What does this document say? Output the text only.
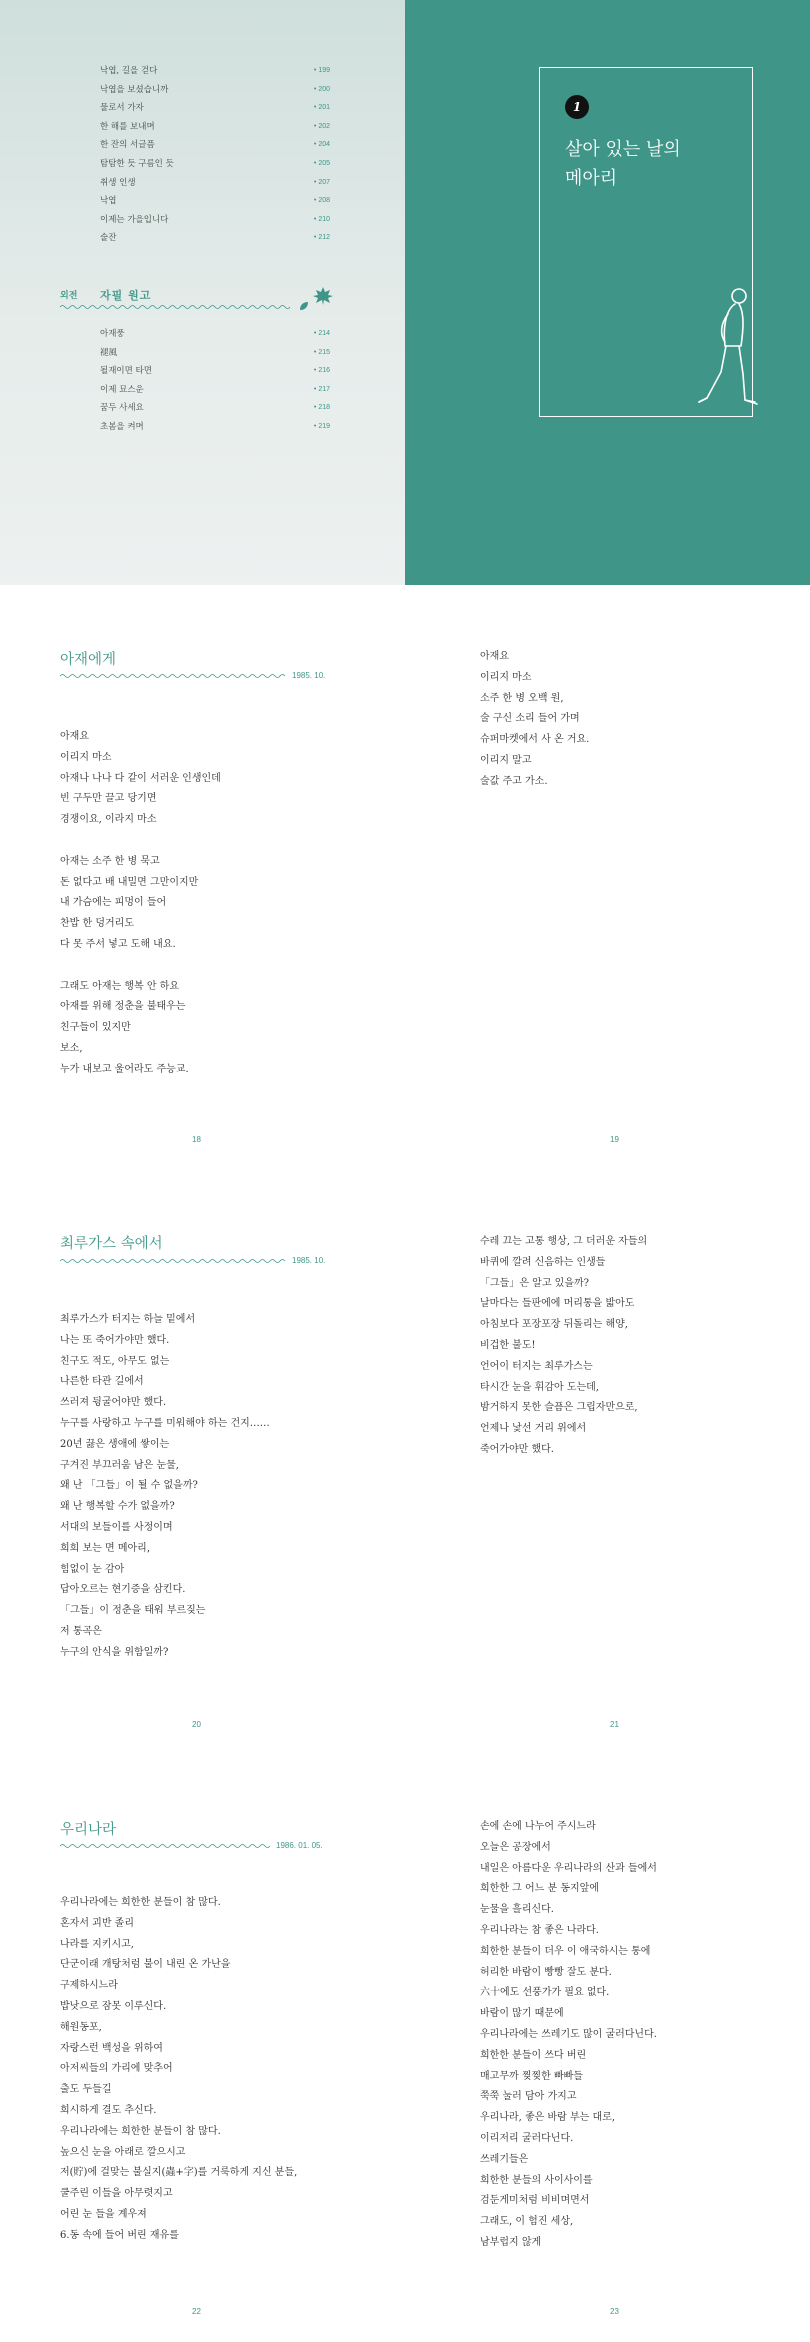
낙엽, 길을 걷다	• 199
낙엽을 보셨습니까	• 200
물로서 가자	• 201
한 해를 보내며	• 202
한 잔의 서글픔	• 204
탐탐한 듯 구름인 듯	• 205
취생 인생	• 207
낙엽	• 208
이제는 가을입니다	• 210
술잔	• 212
외전 자필 원고
아재풍	• 214
褪風	• 215
될재이면 타면	• 216
이제 묘스운	• 217
꿈두 사세요	• 218
초봄을 켜며	• 219
1
살아 있는 날의
메아리
아재에게
1985. 10.
아재요
이리지 마소
아재나 나나 다 같이 서러운 인생인데
빈 구두만 끌고 당기면
경쟁이요, 이라지 마소
아재는 소주 한 병 묵고
돈 없다고 배 내밀면 그만이지만
내 가슴에는 피멍이 들어
찬밥 한 덩거리도
다 못 주서 넣고 도해 내요.
그래도 아재는 행복 안 하요
아재를 위해 정춘을 불태우는
친구들이 있지만
보소,
누가 내보고 울어라도 주능교.
18
아재요
이리지 마소
소주 한 병 오백 원,
술 구신 소리 들어 가며
슈퍼마켓에서 사 온 거요.
이리지 말고
술값 주고 가소.
19
최루가스 속에서
1985. 10.
최루가스가 터지는 하늘 밑에서
나는 또 죽어가야만 했다.
친구도 적도, 아무도 없는
나른한 타관 길에서
쓰러져 뒹굴어야만 했다.
누구를 사랑하고 누구를 미워해야 하는 건지……
20년 끓은 생애에 쌓이는
구겨진 부끄러움 남은 눈물,
왜 난 「그들」이 될 수 없을까?
왜 난 행복할 수가 없을까?
서대의 보들이를 사정이며
희희 보는 면 메아리,
힘없이 눈 감아
답아오르는 현기증을 삼킨다.
「그들」이 정춘을 태워 부르짖는
저 통곡은
누구의 안식을 위함일까?
20
수레 끄는 고통 행상, 그 더러운 자들의
바퀴에 깔려 신음하는 인생들
「그들」은 알고 있을까?
날마다는 들판에에 머리통을 밟아도
아침보다 포장포장 뒤돌리는 해양,
비겁한 불도!
언어이 터지는 최루가스는
타시간 눈을 휘감아 도는데,
밤거하지 못한 슬픔은 그립자만으로,
언제나 낯선 거리 위에서
죽어가야만 했다.
21
우리나라
1986. 01. 05.
우리나라에는 희한한 분들이 참 많다.
혼자서 괴반 졸리
나라를 지키시고,
단군이래 개탕처럼 불이 내린 온 가난을
구제하시느라
밥낫으로 잠못 이루신다.
해원동포,
자랑스런 백성을 위하여
아저씨들의 가리에 맞추어
출도 두들길
희시하게 결도 추신다.
우리나라에는 희한한 분들이 참 많다.
높으신 눈을 아래로 깔으시고
저(貯)에 걸맞는 불실지(蟲+字)를 거룩하게 지신 분들,
쿨주린 이들을 아무렷지고
어린 눈 들을 계우져
6.동 속에 들어 버린 재유를
22
손에 손에 나누어 주시느라
오늘은 공장에서
내일은 아름다운 우리나라의 산과 들에서
희한한 그 어느 분 동지앞에
눈물을 흘리신다.
우리나라는 참 좋은 나라다.
희한한 분들이 더우 이 애국하시는 통에
허리한 바람이 빵빵 잘도 분다.
六十에도 선풍가가 필요 없다.
바람이 많기 때문에
우리나라에는 쓰레기도 많이 굴러다닌다.
희한한 분들이 쓰다 버린
매고무까 찢찢한 빠빠들
쭉쭉 눌러 담아 가지고
우리나라, 좋은 바람 부는 대로,
이리저리 굴러다닌다.
쓰레기들은
희한한 분들의 사이사이를
검둔게미처럼 비비며면서
그래도, 이 험진 세상,
남부럽지 않게
23
